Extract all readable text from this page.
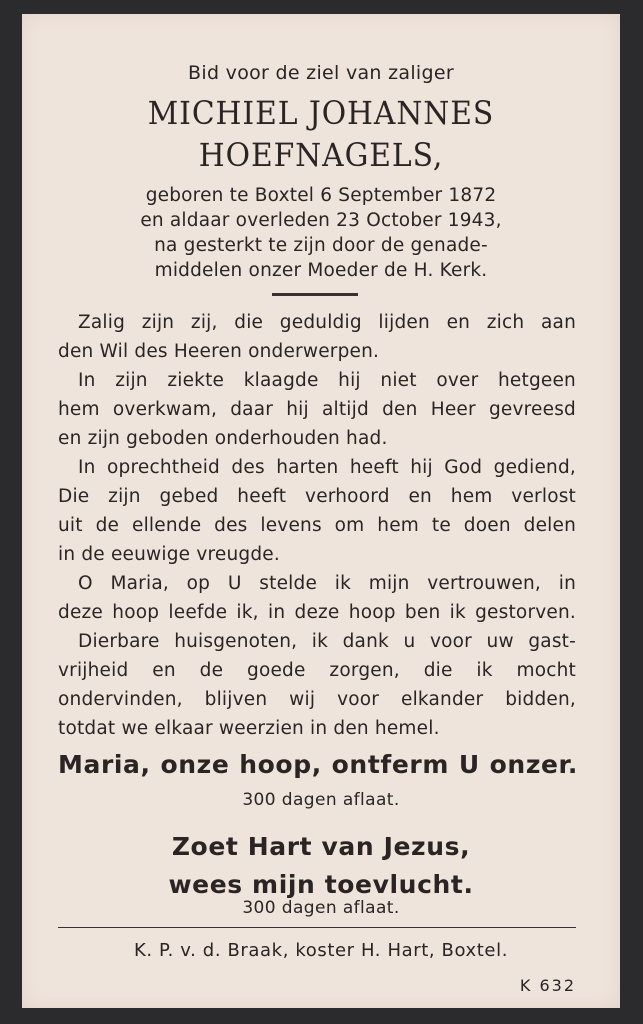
Bid voor de ziel van zaliger
MICHIEL JOHANNES
HOEFNAGELS,
geboren te Boxtel 6 September 1872
en aldaar overleden 23 October 1943,
na gesterkt te zijn door de genade-
middelen onzer Moeder de H. Kerk.
Zalig zijn zij, die geduldig lijden en zich aan
den Wil des Heeren onderwerpen.
In zijn ziekte klaagde hij niet over hetgeen
hem overkwam, daar hij altijd den Heer gevreesd
en zijn geboden onderhouden had.
In oprechtheid des harten heeft hij God gediend,
Die zijn gebed heeft verhoord en hem verlost
uit de ellende des levens om hem te doen delen
in de eeuwige vreugde.
O Maria, op U stelde ik mijn vertrouwen, in
deze hoop leefde ik, in deze hoop ben ik gestorven.
Dierbare huisgenoten, ik dank u voor uw gast-
vrijheid en de goede zorgen, die ik mocht
ondervinden, blijven wij voor elkander bidden,
totdat we elkaar weerzien in den hemel.
Maria, onze hoop, ontferm U onzer.
300 dagen aflaat.
Zoet Hart van Jezus,
wees mijn toevlucht.
300 dagen aflaat.
K. P. v. d. Braak, koster H. Hart, Boxtel.
K 632
